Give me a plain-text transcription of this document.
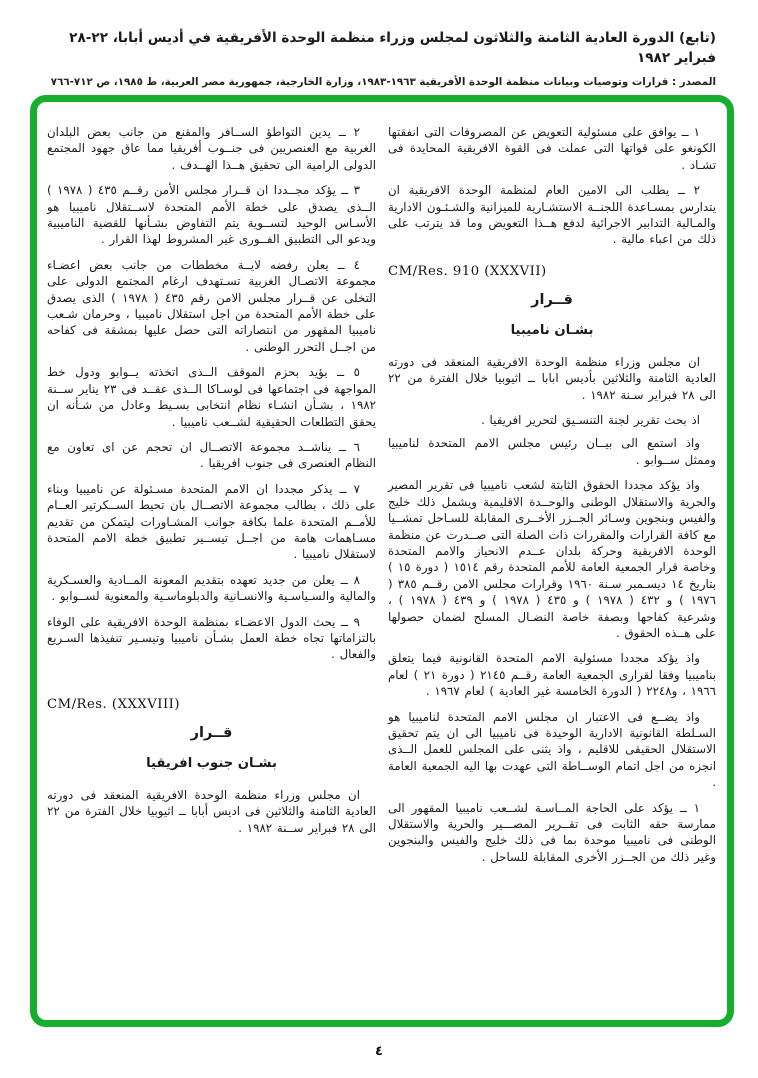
(تابع) الدورة العادية الثامنة والثلاثون لمجلس وزراء منظمة الوحدة الأفريقية في أديس أبابا، ٢٢-٢٨ فبراير ١٩٨٢
المصدر : قرارات وتوصيات وبيانات منظمة الوحدة الأفريقية ١٩٦٣-١٩٨٣، وزارة الخارجية، جمهورية مصر العربية، ط ١٩٨٥، ص ٧١٢-٧٦٦

١ ــ يوافق على مسئولية التعويض عن المصروفات التى انفقتها الكونغو على قواتها التى عملت فى القوة الافريقية المحايدة فى تشـاد .

٢ ــ يطلب الى الامين العام لمنظمة الوحدة الافريقية ان يتدارس بمسـاعدة اللجنــة الاستشـارية للميزانية والشـئـون الادارية والمـالية التدابير الاجرائية لدفع هــذا التعويض وما قد يترتب على ذلك من اعباء مالية .

CM/Res. 910 (XXXVII)
قــرار
بشـان ناميبيا

ان مجلس وزراء منظمة الوحدة الافريقية المنعقد فى دورته العادية الثامنة والثلاثين بأديس ابابا ــ اثيوبيا خلال الفترة من ٢٢ الى ٢٨ فبراير سـنة ١٩٨٢ .

اذ بحث تقرير لجنة التنسـيق لتحرير افريقيا .

واذ استمع الى بيــان رئيس مجلس الامم المتحدة لناميبيا وممثل ســوابو .

واذ يؤكد مجددا الحقوق الثابتة لشعب ناميبيا فى تقرير المصير والحرية والاستقلال الوطنى والوحــدة الاقليمية ويشمل ذلك خليج والفيس وبنجوين وسـائر الجــزر الأخــرى المقابلة للسـاحل تمشــيا مع كافة القرارات والمقررات ذات الصلة التى صــدرت عن منظمة الوحدة الافريقية وحركة بلدان عــدم الانحياز والامم المتحدة وخاصة قرار الجمعية العامة للأمم المتحدة رقم ١٥١٤ ( دورة ١٥ ) بتاريخ ١٤ ديسـمبر سـنة ١٩٦٠ وقرارات مجلس الامن رقــم ٣٨٥ ( ١٩٧٦ ) و ٤٣٢ ( ١٩٧٨ ) و ٤٣٥ ( ١٩٧٨ ) و ٤٣٩ ( ١٩٧٨ ) ، وشرعية كفاحها وبصفة خاصة النضـال المسلح لضمان حصولها على هــذه الحقوق .

واذ يؤكد مجددا مسئولية الامم المتحدة القانونية فيما يتعلق بناميبيا وفقا لقرارى الجمعية العامة رقــم ٢١٤٥ ( دورة ٢١ ) لعام ١٩٦٦ ، و٢٢٤٨ ( الدورة الخامسة غير العادية ) لعام ١٩٦٧ .

واذ يضــع فى الاعتبار ان مجلس الامم المتحدة لناميبيا هو السـلطة القانونية الادارية الوحيدة فى ناميبيا الى ان يتم تحقيق الاستقلال الحقيقى للاقليم ، واذ يثنى على المجلس للعمل الــذى انجزه من اجل اتمام الوســاطة التى عهدت بها اليه الجمعية العامة .

١ ــ يؤكد على الحاجة المــاسـة لشــعب ناميبيا المقهور الى ممارسة حقه الثابت فى تقــرير المصـــير والحرية والاستقلال الوطنى فى ناميبيا موحدة بما فى ذلك خليج والفيس والبنجوين وغير ذلك من الجــزر الأخرى المقابلة للساحل .

٢ ــ يدين التواطؤ الســافر والمقنع من جانب بعض البلدان الغربية مع العنصريين فى جنــوب أفريقيا مما عاق جهود المجتمع الدولى الرامية الى تحقيق هــذا الهــدف .

٣ ــ يؤكد مجــددا ان قــرار مجلس الأمن رقــم ٤٣٥ ( ١٩٧٨ ) الــذى يصدق على خطة الأمم المتحدة لاســتقلال ناميبيا هو الأسـاس الوحيد لتســوية يتم التفاوض بشـأنها للقضية الناميبية ويدعو الى التطبيق الفــورى غير المشروط لهذا القرار .

٤ ــ يعلن رفضه لايــة مخططات من جانب بعض اعضـاء مجموعة الاتصـال الغربية تسـتهدف ارغام المجتمع الدولى على التخلى عن قــرار مجلس الامن رقم ٤٣٥ ( ١٩٧٨ ) الذى يصدق على خطة الأمم المتحدة من اجل استقلال ناميبيا ، وحرمان شـعب ناميبيا المقهور من انتصاراته التى حصل عليها بمشقة فى كفاحه من اجــل التحرر الوطنى .

٥ ــ يؤيد بحزم الموقف الــذى اتخذته يــوابو ودول خط المواجهة فى اجتماعها فى لوسـاكا الــذى عقــد فى ٢٣ يناير ســنة ١٩٨٢ ، بشـأن انشـاء نظام انتخابى بسـيط وعادل من شـأنه ان يحقق التطلعات الحقيقية لشــعب ناميبيا .

٦ ــ يناشــد مجموعة الاتصــال ان تحجم عن اى تعاون مع النظام العنصرى فى جنوب افريقيا .

٧ ــ يذكر مجددا ان الامم المتحدة مسـئولة عن ناميبيا وبناء على ذلك ، بطالب مجموعة الاتصــال بان تحيط الســكرتير العــام للأمــم المتحدة علما بكافة جوانب المشـاورات ليتمكن من تقديم مسـاهمات هامة من اجــل تيســير تطبيق خطة الامم المتحدة لاستقلال ناميبيا .

٨ ــ يعلن من جديد تعهده بتقديم المعونة المــادية والعسـكرية والمالية والسـياسـية والانسـانية والدبلوماسـية والمعنوية لســوابو .

٩ ــ يحث الدول الاعضـاء بمنظمة الوحدة الافريقية على الوفاء بالتزاماتها تجاه خطة العمل بشـأن ناميبيا وتيسـير تنفيذها السـريع والفعال .

CM/Res. (XXXVIII)
قــرار
بشـان جنوب افريقيا

ان مجلس وزراء منظمة الوحدة الافريقية المنعقد فى دورته العادية الثامنة والثلاثين فى اديس أبابا ــ اثيوبيا خلال الفترة من ٢٢ الى ٢٨ فبراير ســنة ١٩٨٢ .

٤
